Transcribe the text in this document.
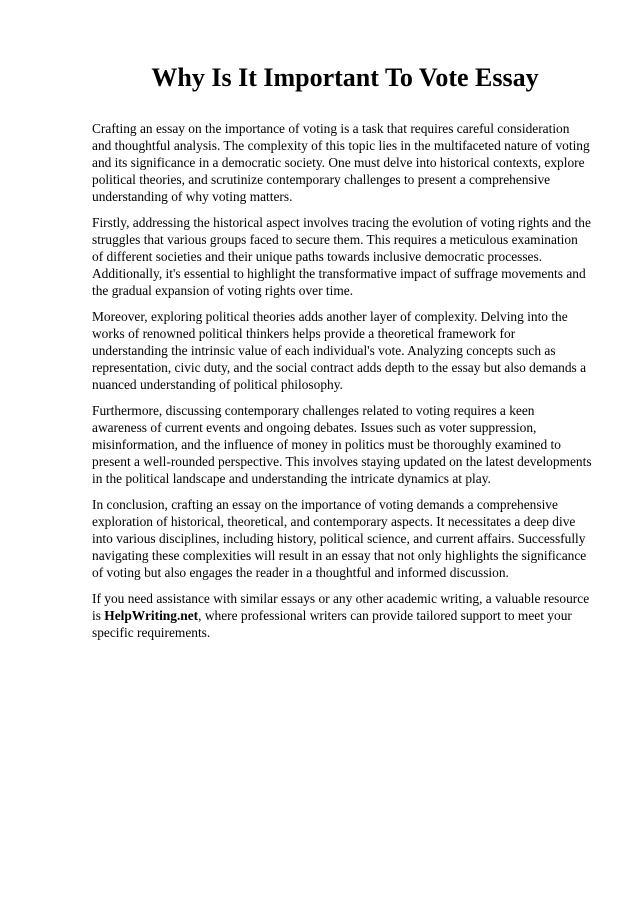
Why Is It Important To Vote Essay

Crafting an essay on the importance of voting is a task that requires careful consideration and thoughtful analysis. The complexity of this topic lies in the multifaceted nature of voting and its significance in a democratic society. One must delve into historical contexts, explore political theories, and scrutinize contemporary challenges to present a comprehensive understanding of why voting matters.

Firstly, addressing the historical aspect involves tracing the evolution of voting rights and the struggles that various groups faced to secure them. This requires a meticulous examination of different societies and their unique paths towards inclusive democratic processes. Additionally, it's essential to highlight the transformative impact of suffrage movements and the gradual expansion of voting rights over time.

Moreover, exploring political theories adds another layer of complexity. Delving into the works of renowned political thinkers helps provide a theoretical framework for understanding the intrinsic value of each individual's vote. Analyzing concepts such as representation, civic duty, and the social contract adds depth to the essay but also demands a nuanced understanding of political philosophy.

Furthermore, discussing contemporary challenges related to voting requires a keen awareness of current events and ongoing debates. Issues such as voter suppression, misinformation, and the influence of money in politics must be thoroughly examined to present a well-rounded perspective. This involves staying updated on the latest developments in the political landscape and understanding the intricate dynamics at play.

In conclusion, crafting an essay on the importance of voting demands a comprehensive exploration of historical, theoretical, and contemporary aspects. It necessitates a deep dive into various disciplines, including history, political science, and current affairs. Successfully navigating these complexities will result in an essay that not only highlights the significance of voting but also engages the reader in a thoughtful and informed discussion.

If you need assistance with similar essays or any other academic writing, a valuable resource is HelpWriting.net, where professional writers can provide tailored support to meet your specific requirements.
